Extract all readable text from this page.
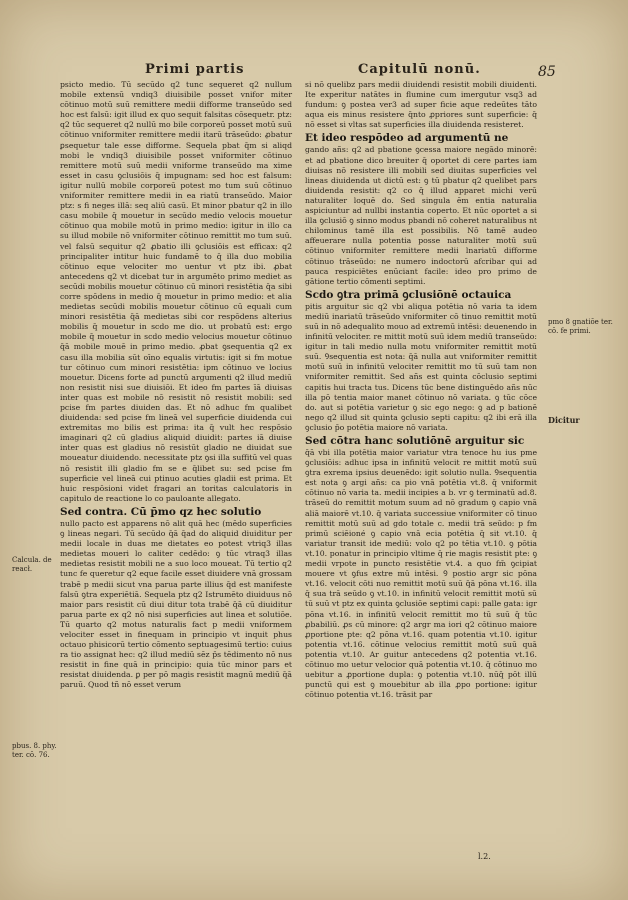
Primi partis	Capitulū nonū.	85

psicto medio. Tū secūdo q2 tunc sequeret q2 nullum mobile extensū vndiq3 diuisibile posset vnifor miter cōtinuo motū suū remittere medii difforme transeūdo sed hoc est falsū: igit illud ex quo sequit falsitas cōsequetr. ptz: q2 tūc sequeret q2 nullū mo bile corporeū posset motū suū cōtinuo vniformiter remittere medii itarū trāseūdo: ꝓbatur ꝑsequetur tale esse difforme. Sequela pbat q̄m si aliqd mobi le vndiq3 diuisibile posset vniformiter cōtinuo remittere motū suū medii vniforme transeūdo ma xime esset in casu ꝯclusiōis q̄ impugnam: sed hoc est falsum: igitur nullū mobile corporeū potest mo tum suū cōtinuo vniformiter remittere medii in ea riatū transeūdo. Maior ptz: s fi neges illā: seq aliū casū. Et minor pbatur q2 in illo casu mobile q̄ mouetur in secūdo medio velocis mouetur cōtinuo qua mobile motū in primo medio: igitur in illo ca su illud mobile nō vniformiter cōtinuo remittit mo tum suū. vel falsū sequitur q2 ꝓbatio illi ꝯclusiōis est efficax: q2 principaliter intitur huic fundamē to q̄ illa duo mobilia cōtinuo eque velociter mo uentur vt ptz ibi. ꝓbat antecedens q2 vt dicebat tur in argumēto primo mediet as secūdi mobilis mouetur cōtinuo cū minori resistētia q̄a sibi corre spōdens in medio q̄ mouetur in primo medio: et alia medietas secūdi mobilis mouetur cōtinuo cū equali cum minori resistētia q̄ā medietas sibi cor respōdens alterius mobilis q̄ mouetur in scdo me dio. ut probatū est: ergo mobile q̄ mouetur in scdo medio velocius mouetur cōtinuo q̄ā mobile mouē in primo medio. ꝓbat ꝯsequentia q2 ex casu illa mobilia sūt oīno equalis virtutis: igit si fm motue tur cōtinuo cum minori resistētia: ipm cōtinuo ve locius mouetur. Dicens forte ad punctū argumenti q2 illud mediū non resistit nisi sue diuisiōi. Et ideo fm partes īā diuisas inter quas est mobile nō resistit nō resistit mobili: sed pcise fm partes diuiden das. Et nō adhuc fm qualibet diuidenda: sed pcise fm lineā vel superficie diuidenda cui extremitas mo bilis est prima: ita q̄ vult hec respōsio imaginari q2 cū gladius aliquid diuidit: partes iā diuise inter quas est gladius nō resistūt gladio ne diuidat sue moueatur diuidendo. necessitate ptz ꝯsi illa suffitū vel quas nō resistit illi gladio fm se e q̄libet su: sed pcise fm superficie vel lineā cui ptinuo acuties gladii est prima. Et huic respōsioni videt fragari an toritas calculatoris in capitulo de reactione lo co pauloante allegato.

Sed contra. Cū p̄mo qz hec solutio

nullo pacto est apparens nō alit quā hec (mēdo superficies ꝯ lineas negari. Tū secūdo q̄ā q̄ad do aliquid diuiditur per medii locale in duas me dietates eo potest vtriq3 illas medietas moueri lo caliter cedēdo: ꝯ tūc vtraq3 illas medietas resistit mobili ne a suo loco moueat. Tū tertio q2 tunc fe queretur q2 eque facile esset diuidere vnā grossam trabē p medii sicut vna parua parte illius q̄d est manifeste falsū ꝯtra experiētiā. Sequela ptz q2 Istrumēto diuiduus nō maior pars resistit cū diui ditur tota trabē q̄ā cū diuiditur parua parte ex q2 nō nisi superficies aut linea et solutiōe. Tū quarto q2 motus naturalis fact p medii vniformem velociter esset in finequam in principio vt inquit phus octauo phisicorū tertio cōmento septuagesimū tertio: cuius ra tio assignat hec: q2 illud mediū sēz p̄s tēdimento nō nus resistit in fine quā in principio: quia tūc minor pars et resistat diuidenda. ꝑ per pō magis resistit magnū mediū q̄ā paruū. Quod tñ nō esset verum

si nō quelibz pars medii diuidendi resistit mobili diuidenti. Ite experitur natātes in flumine cum imergutur vsq3 ad fundum: ꝯ postea ver3 ad super ficie aque redeūtes tāto aqua eis minus resistere q̄nto ꝓpriores sunt superficie: q̄ nō esset si vltas sat superficies illa diuidenda resisteret.

Et ideo respōdeo ad argumentū ne

gando añs: q2 ad pbatione ꝯcessa maiore negādo minorē: et ad pbatione dico breuiter q̄ oportet di cere partes iam diuisas nō resistere illi mobili sed diuitas superficies vel lineas diuidenda ut dictū est: ꝯ tū pbatur q2 quelibet pars diuidenda resistit: q2 co q̄ illud apparet michi verū naturaliter loquē do. Sed singula ēm entia naturalia aspiciuntur ad nullbi instantia coperto. Et nūc oportet a si illa ꝯclusiō ꝯ sinno modus pbandi nō coheret naturalibus nt chilominus tamē illa est possibilis. Nō tamē audeo affeuerare nulla potentia posse naturaliter motū suū cōtinuo vniformiter remittere medii lnariatū difforme cōtinuo trāseūdo: ne numero indoctorū afcribar qui ad pauca respiciētes enūciant facile: ideo pro primo de gātione tertio cōmenti septimi.

Scdo ꝯtra primā ꝯclusiōnē octauica

pitis arguitur sic q2 vbi aliqua potētia nō varia ta idem mediū inariatū trāseūdo vniformiter cō tinuo remittit motū suū in nō adequalito mouo ad extremū intēsi: deuenendo in infinitū velociter. re mittit motū suū idem mediū transeūdo: igitur in tali medio nulla motu vniformiter remittit motū suū. Ꝯsequentia est nota: q̄ā nulla aut vniformiter remittit motū suū in infinitū velociter remittit mo tū suū tam non vniformiter remittit. Sed añs est quinta cōclusio septimi capitis hui tracta tus. Dicens tūc bene distinguēdo añs nūc illa pō tentia maior manet cōtinuo nō variata. ꝯ tūc cōce do. aut si potētia varietur ꝯ sic ego nego: ꝯ ad p bationē nego q2 illud sit quinta ꝯclusio septi capitu: q2 ibi erā illa ꝯclusio p̄o potētia maiore nō variata.

Sed cōtra hanc solutiōnē arguitur sic

q̄ā vbi illa potētia maior variatur vtra tenoce hu ius pme ꝯclusiōis: adhuc ipsa in infinitū velocit re mittit motū suū ꝯtra exrema ipsius deuenēdo: igit solutio nulla. Ꝯsequentia est nota ꝯ argi añs: ca pio vnā potētia vt.8. q̄ vniformit cōtinuo nō varia ta. medii incipies a b. vr ꝯ terminatū ad.8. trāseū do remittit motum suum ad nō gradum ꝯ capio vnā aliā maiorē vt.10. q̄ variata successiue vniformiter cō tinuo remittit motū suū ad gdo totale c. medii trā seūdo: p fm primū sciēioné ꝯ capio vnā ecia potētia q̄ sit vt.10. q̄ variatur transit ide mediū: volo q2 po tētia vt.10. ꝯ pōtia vt.10. ponatur in principio vltime q̄ rie magis resistit pte: ꝯ medii vrpote in puncto resistētie vt.4. a quo fm̄ ꝯcipiat mouere vt ꝯfus extre mū intēsi. Ꝯ postio argr sic pōna vt.16. velocit cōti nuo remittit motū suū q̄ā pōna vt.16. illa q̄ sua trā seūdo ꝯ vt.10. in infinitū velocit remittit motū sū tū suū vt ptz ex quinta ꝯclusiōe septimi capi: palle gata: igr pōna vt.16. in infinitū velocit remittit mo tū suū q̄ tūc ꝓbabiliū. ꝓs cū minore: q2 argr ma iori q2 cōtinuo maiore ꝓportione pte: q2 pōna vt.16. quam potentia vt.10. igitur potentia vt.16. cōtinue velocius remittit motū suū quā potentia vt.10. Ar guitur antecedens q2 potentia vt.16. cōtinuo mo uetur velocior quā potentia vt.10. q̄ cōtinuo mo uebitur a ꝓportione dupla: ꝯ potentia vt.10. nūq̄ pōt illū punctū qui est ꝯ mouebitur ab illa ꝓpo portione: igitur cōtinuo potentia vt.16. trāsit par

pmo 8 gnatiōe ter. cō. fe primi.
Dicitur
Calcula. de reacł.
pbus. 8. phy. ter. cō. 76.
l.2.
